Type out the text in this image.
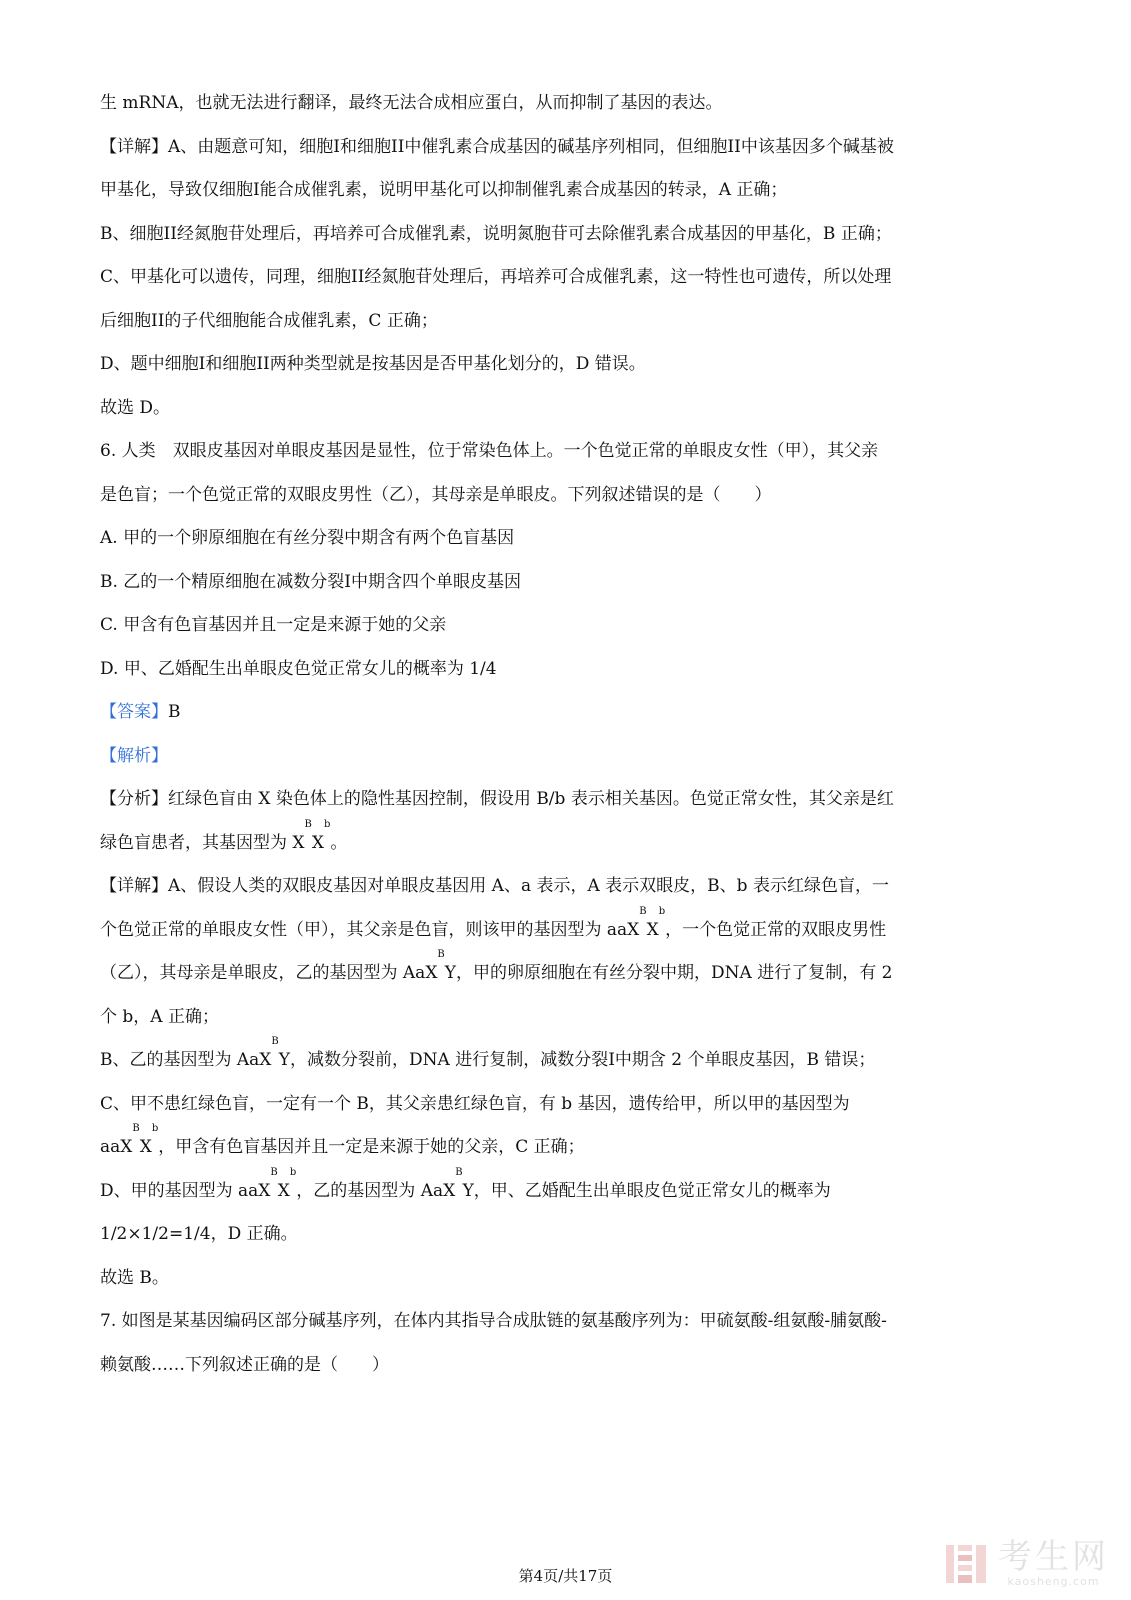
生 mRNA，也就无法进行翻译，最终无法合成相应蛋白，从而抑制了基因的表达。
【详解】A、由题意可知，细胞I和细胞II中催乳素合成基因的碱基序列相同，但细胞II中该基因多个碱基被
甲基化，导致仅细胞I能合成催乳素，说明甲基化可以抑制催乳素合成基因的转录，A 正确；
B、细胞II经氮胞苷处理后，再培养可合成催乳素，说明氮胞苷可去除催乳素合成基因的甲基化，B 正确；
C、甲基化可以遗传，同理，细胞II经氮胞苷处理后，再培养可合成催乳素，这一特性也可遗传，所以处理
后细胞II的子代细胞能合成催乳素，C 正确；
D、题中细胞I和细胞II两种类型就是按基因是否甲基化划分的，D 错误。
故选 D。
6. 人类　双眼皮基因对单眼皮基因是显性，位于常染色体上。一个色觉正常的单眼皮女性（甲），其父亲
是色盲；一个色觉正常的双眼皮男性（乙），其母亲是单眼皮。下列叙述错误的是（　　）
A. 甲的一个卵原细胞在有丝分裂中期含有两个色盲基因
B. 乙的一个精原细胞在减数分裂Ⅰ中期含四个单眼皮基因
C. 甲含有色盲基因并且一定是来源于她的父亲
D. 甲、乙婚配生出单眼皮色觉正常女儿的概率为 1/4
【答案】B
【解析】
【分析】红绿色盲由 X 染色体上的隐性基因控制，假设用 B/b 表示相关基因。色觉正常女性，其父亲是红
绿色盲患者，其基因型为 $X^BX^b$。
【详解】A、假设人类的双眼皮基因对单眼皮基因用 A、a 表示，A 表示双眼皮，B、b 表示红绿色盲，一
个色觉正常的单眼皮女性（甲），其父亲是色盲，则该甲的基因型为 $aaX^BX^b$，一个色觉正常的双眼皮男性
（乙），其母亲是单眼皮，乙的基因型为 AaX$^B$Y，甲的卵原细胞在有丝分裂中期，DNA 进行了复制，有 2
个 b，A 正确；
B、乙的基因型为 AaX$^B$Y，减数分裂前，DNA 进行复制，减数分裂Ⅰ中期含 2 个单眼皮基因，B 错误；
C、甲不患红绿色盲，一定有一个 B，其父亲患红绿色盲，有 b 基因，遗传给甲，所以甲的基因型为
$aaX^BX^b$，甲含有色盲基因并且一定是来源于她的父亲，C 正确；
D、甲的基因型为 $aaX^BX^b$，乙的基因型为 AaX$^B$Y，甲、乙婚配生出单眼皮色觉正常女儿的概率为
1/2×1/2=1/4，D 正确。
故选 B。
7. 如图是某基因编码区部分碱基序列，在体内其指导合成肽链的氨基酸序列为：甲硫氨酸-组氨酸-脯氨酸-
赖氨酸……下列叙述正确的是（　　）
第4页/共17页	考生网
kaosheng.com
